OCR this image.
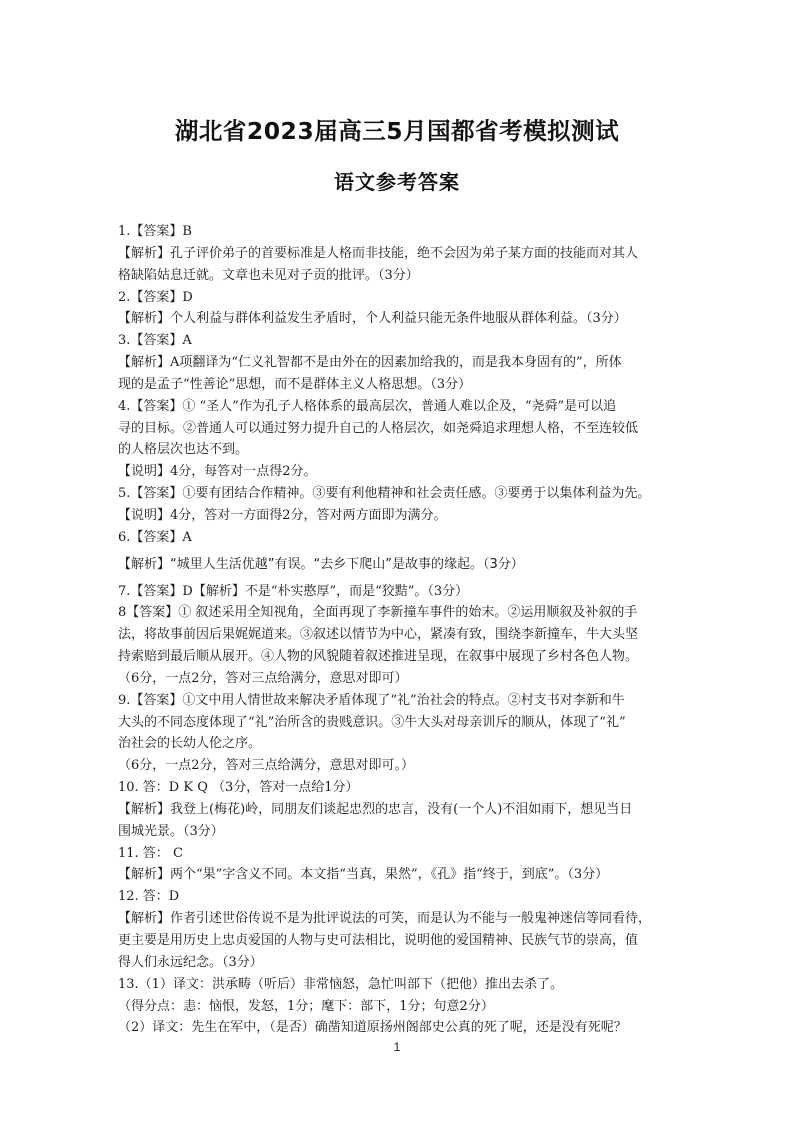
湖北省2023届高三5月国都省考模拟测试
语文参考答案
1.【答案】B
【解析】孔子评价弟子的首要标准是人格而非技能，绝不会因为弟子某方面的技能而对其人
格缺陷姑息迁就。文章也未见对子贡的批评。（3分）
2.【答案】D
【解析】个人利益与群体利益发生矛盾时，个人利益只能无条件地服从群体利益。（3分）
3.【答案】A
【解析】A项翻译为“仁义礼智都不是由外在的因素加给我的，而是我本身固有的”，所体
现的是孟子“性善论”思想，而不是群体主义人格思想。（3分）
4.【答案】① “圣人”作为孔子人格体系的最高层次，普通人难以企及，“尧舜”是可以追
寻的目标。②普通人可以通过努力提升自己的人格层次，如尧舜追求理想人格，不至连较低
的人格层次也达不到。
【说明】4分，每答对一点得2分。
5.【答案】①要有团结合作精神。③要有利他精神和社会责任感。③要勇于以集体利益为先。
【说明】4分，答对一方面得2分，答对两方面即为满分。
6.【答案】A
【解析】“城里人生活优越”有误。“去乡下爬山”是故事的缘起。（3分）
7.【答案】D【解析】不是“朴实憨厚”，而是“狡黠”。（3分）
8【答案】① 叙述采用全知视角，全面再现了李新撞车事件的始末。②运用顺叙及补叙的手
法，将故事前因后果娓娓道来。③叙述以情节为中心，紧凑有致，围绕李新撞车，牛大头坚
持索赔到最后顺从展开。④人物的风貌随着叙述推进呈现，在叙事中展现了乡村各色人物。
（6分，一点2分，答对三点给满分，意思对即可）
9.【答案】①文中用人情世故来解决矛盾体现了“礼”治社会的特点。②村支书对李新和牛
大头的不同态度体现了“礼”治所含的贵贱意识。③牛大头对母亲训斥的顺从，体现了“礼”
治社会的长幼人伦之序。
（6分，一点2分，答对三点给满分，意思对即可。）
10. 答：D K Q （3分，答对一点给1分）
【解析】我登上(梅花)岭，同朋友们谈起忠烈的忠言，没有(一个人)不泪如雨下，想见当日
围城光景。（3分）
11. 答： C
【解析】两个“果”字含义不同。本文指“当真，果然”，《孔》指“终于，到底”。（3分）
12. 答：D
【解析】作者引述世俗传说不是为批评说法的可笑，而是认为不能与一般鬼神迷信等同看待，
更主要是用历史上忠贞爱国的人物与史可法相比，说明他的爱国精神、民族气节的崇高，值
得人们永远纪念。（3分）
13.（1）译文：洪承畴（听后）非常恼怒，急忙叫部下（把他）推出去杀了。
（得分点：恚：恼恨，发怒，1分；麾下：部下，1分；句意2分）
（2）译文：先生在军中，（是否）确凿知道原扬州阁部史公真的死了呢，还是没有死呢？
1
